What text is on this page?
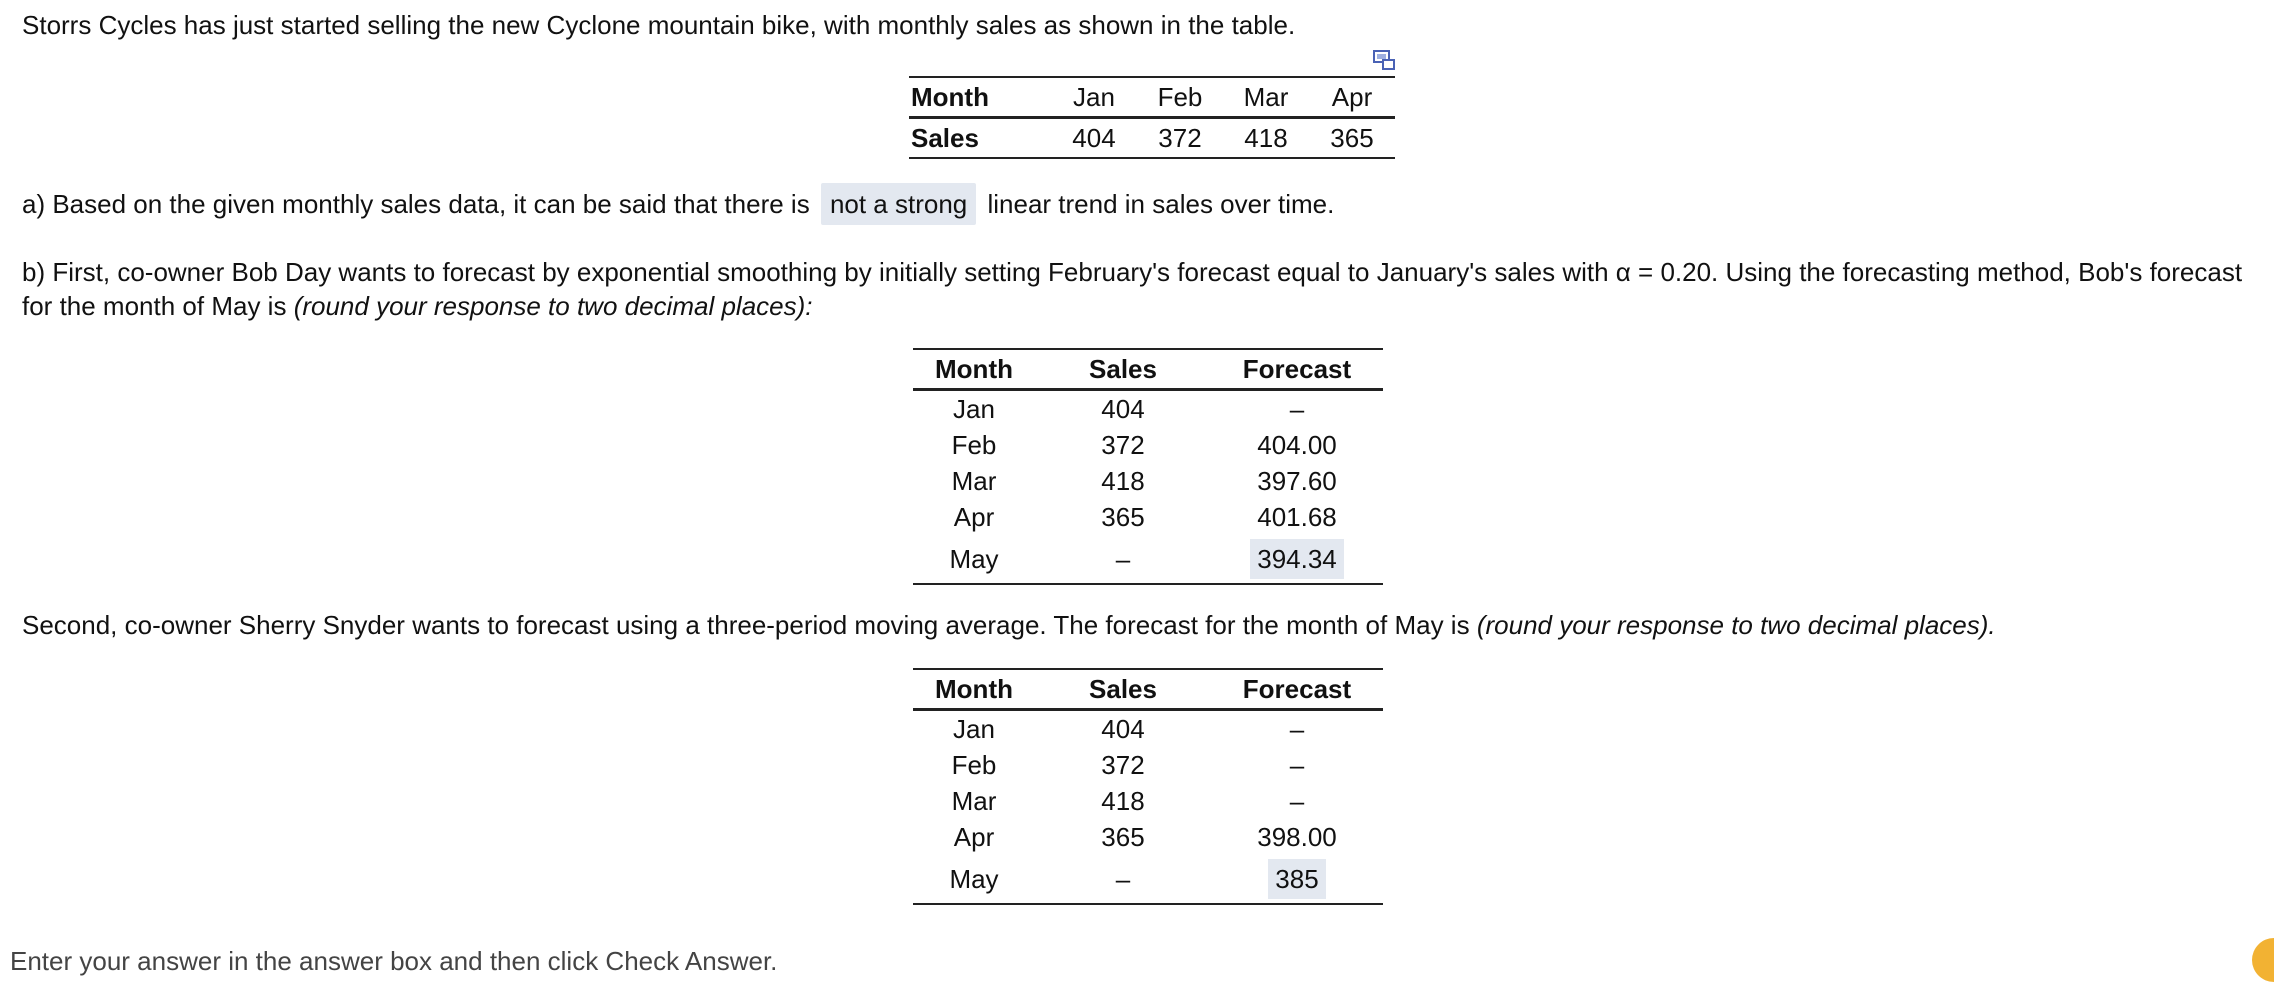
Storrs Cycles has just started selling the new Cyclone mountain bike, with monthly sales as shown in the table.
Month	Jan	Feb	Mar	Apr
Sales	404	372	418	365
a) Based on the given monthly sales data, it can be said that there is not a strong linear trend in sales over time.
b) First, co-owner Bob Day wants to forecast by exponential smoothing by initially setting February's forecast equal to January's sales with α = 0.20. Using the forecasting method, Bob's forecast for the month of May is (round your response to two decimal places):
Month	Sales	Forecast
Jan	404	–
Feb	372	404.00
Mar	418	397.60
Apr	365	401.68
May	–	394.34
Second, co-owner Sherry Snyder wants to forecast using a three-period moving average. The forecast for the month of May is (round your response to two decimal places).
Month	Sales	Forecast
Jan	404	–
Feb	372	–
Mar	418	–
Apr	365	398.00
May	–	385
Enter your answer in the answer box and then click Check Answer.
